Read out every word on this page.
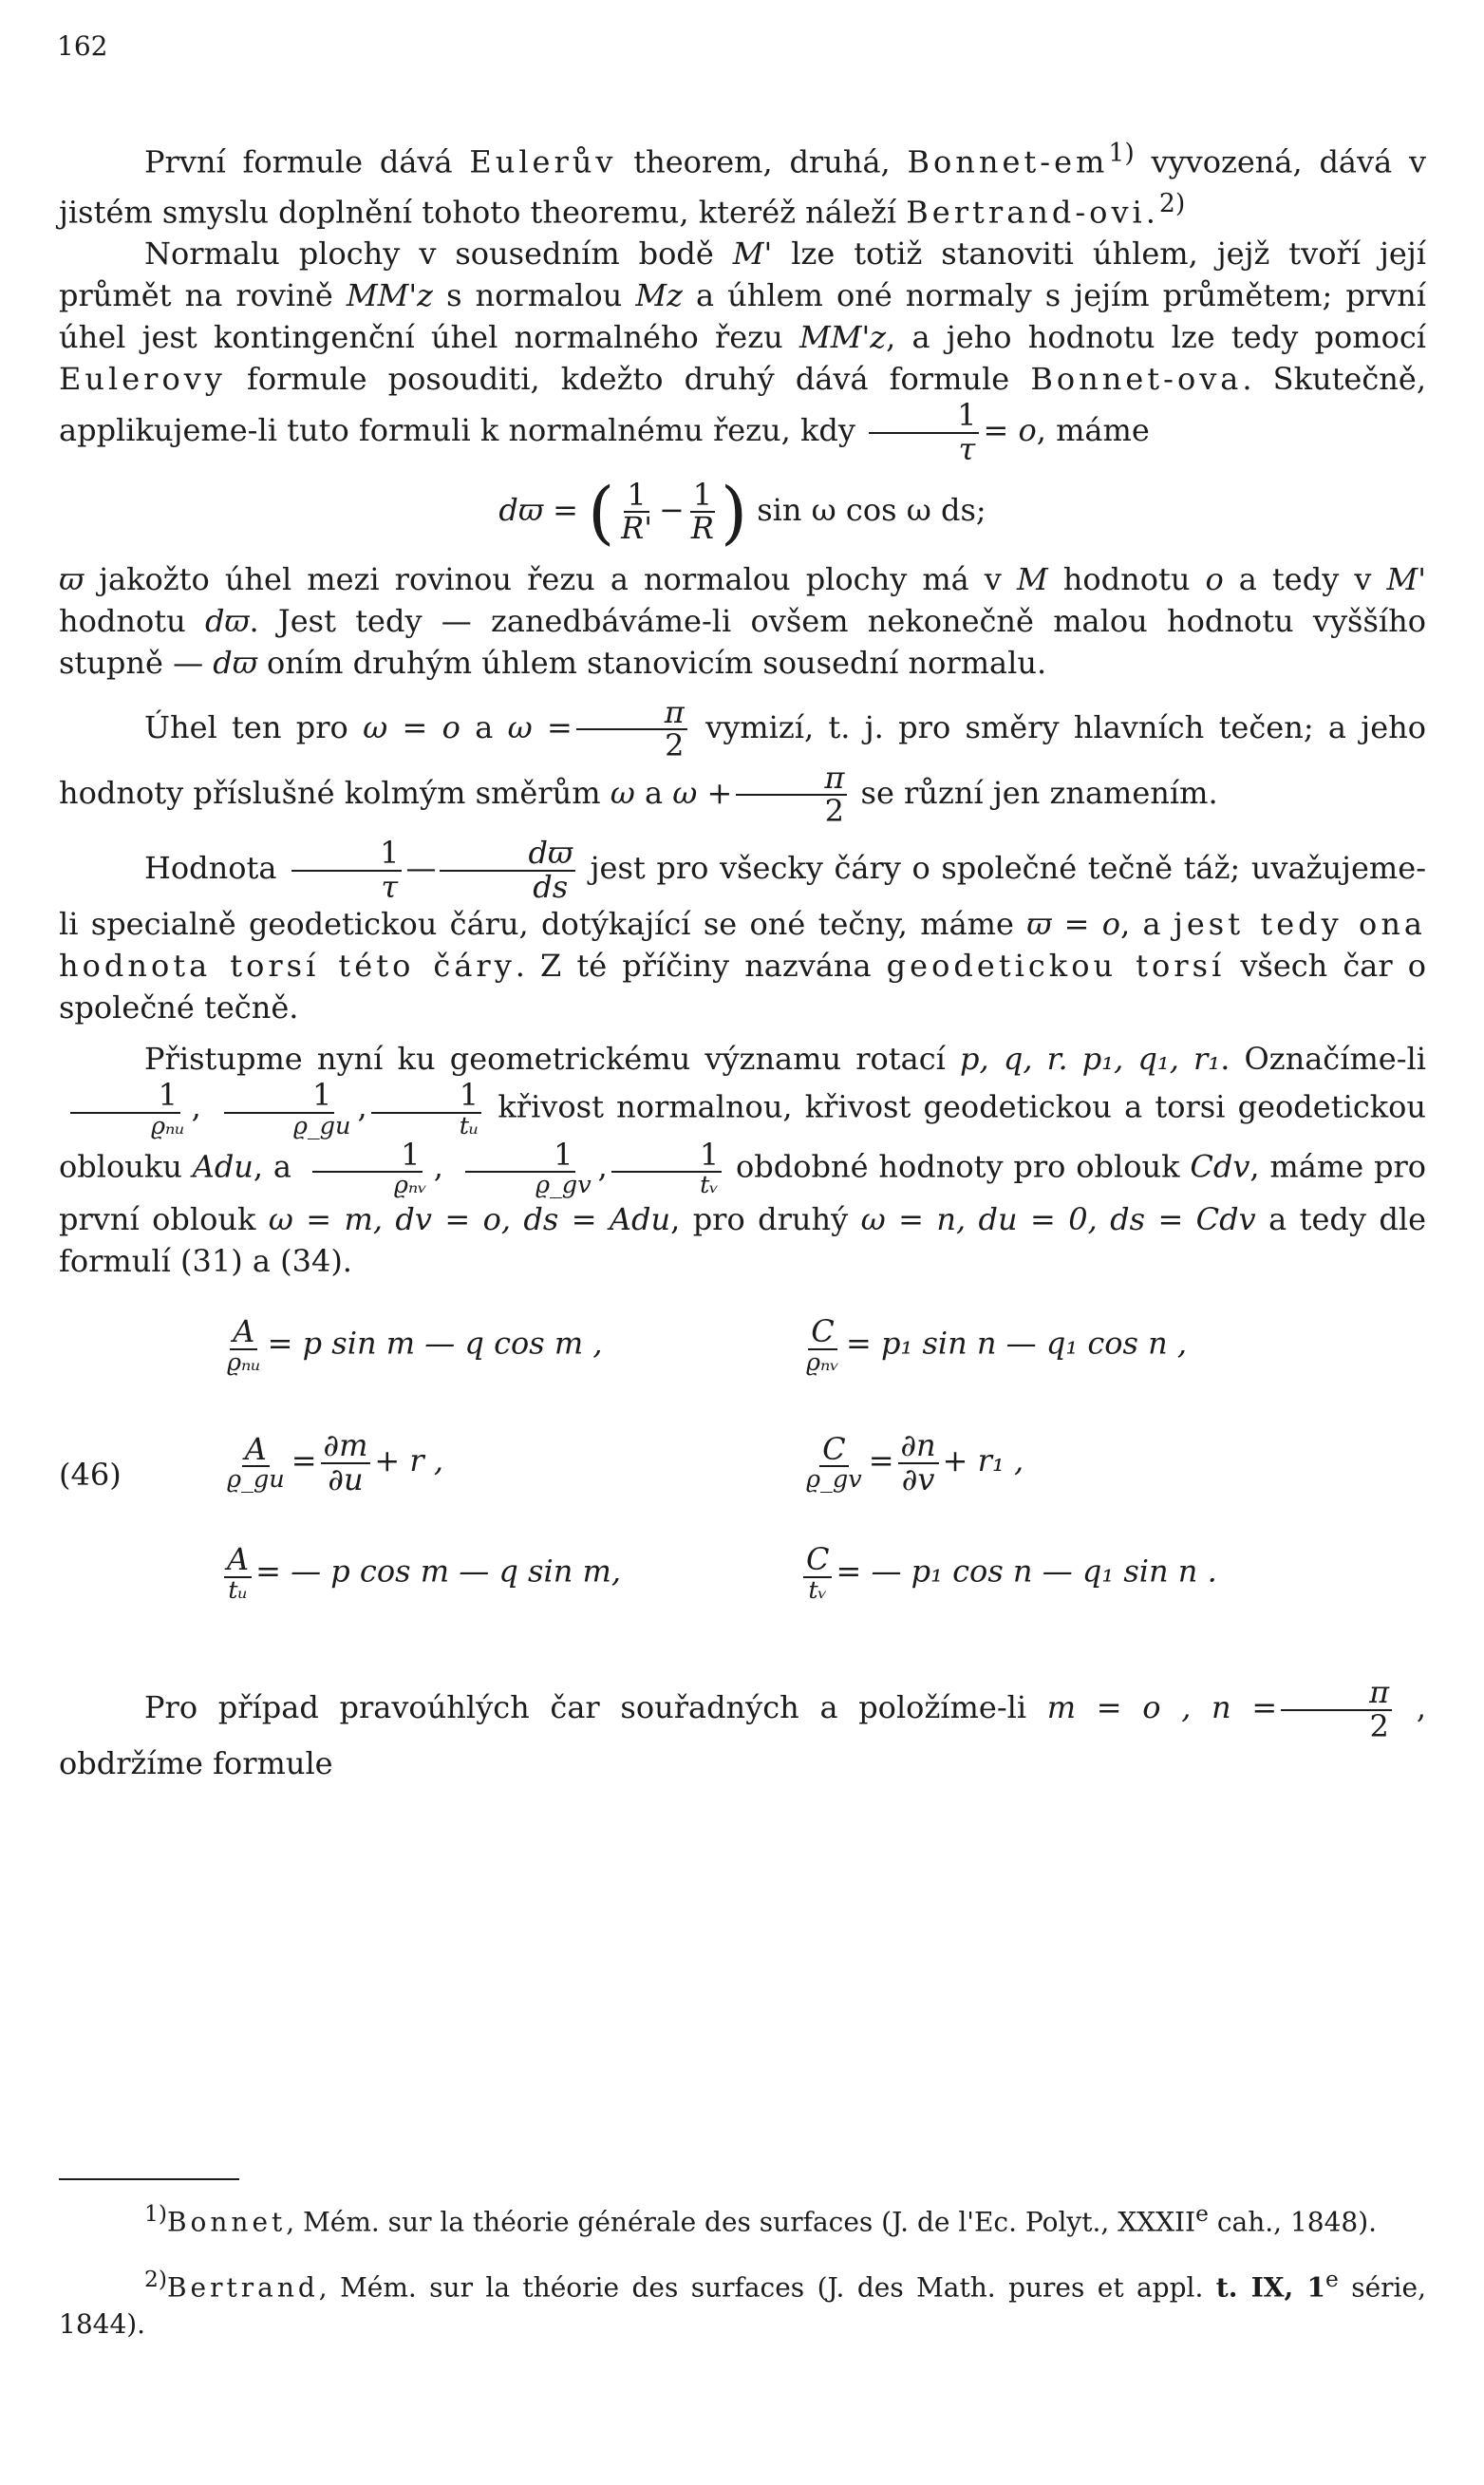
162

První formule dává Eulerův theorem, druhá, Bonnet-$em^{1)}$ vyvozená, dává v jistém smyslu doplnění tohoto theoremu, kteréž náleží Bertrand-ovi.$^{2)}$

Normalu plochy v sousedním bodě M' lze totiž stanoviti úhlem, jejž tvoří její průmět na rovině MM'z s normalou Mz a úhlem oné normaly s jejím průmětem; první úhel jest kontingenční úhel normalného řezu MM'z, a jeho hodnotu lze tedy pomocí Eulerovy formule posouditi, kdežto druhý dává formule Bonnet-ova. Skutečně, applikujeme-li tuto formuli k normalnému řezu, kdy $\frac{1}{\tau} = o$, máme

dϖ = ( $\frac{1}{R'} - \frac{1}{R}$ ) sin ω cos ω ds;

ϖ jakožto úhel mezi rovinou řezu a normalou plochy má v M hodnotu o a tedy v M' hodnotu dϖ. Jest tedy — zanedbáváme-li ovšem nekonečně malou hodnotu vyššího stupně — dϖ oním druhým úhlem stanovicím sousední normalu.

Úhel ten pro ω = o a $\omega = \frac{\pi}{2}$ vymizí, t. j. pro směry hlavních tečen; a jeho hodnoty příslušné kolmým směrům ω a $\omega + \frac{\pi}{2}$ se různí jen znamením.

Hodnota $\frac{1}{\tau}$ — $\frac{dϖ}{ds}$ jest pro všecky čáry o společné tečně táž; uvažujeme-li specialně geodetickou čáru, dotýkající se oné tečny, máme ϖ = o, a jest tedy ona hodnota torsí této čáry. Z té příčiny nazvána geodetickou torsí všech čar o společné tečně.

Přistupme nyní ku geometrickému významu rotací p, q, r. p₁, q₁, r₁. Označíme-li
$\frac{1}{\text{ϱₙᵤ}}$ , $\frac{1}{ϱ\_gu}$ , $\frac{1}{\text{tᵤ}}$ křivost normalnou, křivost geodetickou a torsi geodetickou oblouku Adu, a $\frac{1}{\text{ϱₙᵥ}}$ , $\frac{1}{ϱ\_gv}$ , $\frac{1}{\text{tᵥ}}$ obdobné hodnoty pro oblouk Cdv, máme pro první oblouk ω = m, dv = o, ds = Adu, pro druhý ω = n, du = 0, ds = Cdv a tedy dle formulí (31) a (34).

(46)
$\frac{A}{\text{ϱₙᵤ}} = p$ sin m — q cos m ,	$\frac{C}{\text{ϱₙᵥ}} = p_1$ sin n — q₁ cos n ,
$\frac{A}{ϱ\_gu} = \frac{\partial m}{\partial u} + r$ ,	$\frac{C}{ϱ\_gv} = \frac{\partial n}{\partial v} + r_1$ ,
$\frac{A}{\text{tᵤ}}$ = — p cos m — q sin m,	$\frac{C}{\text{tᵥ}}$ = — p₁ cos n — q₁ sin n .

Pro případ pravoúhlých čar souřadných a položíme-li m = o , $n = \frac{\pi}{2}$ , obdržíme formule

$^{1)}$Bonnet, Mém. sur la théorie générale des surfaces (J. de l'Ec. Polyt., XXXIIe cah., 1848).

$^{2)}$Bertrand, Mém. sur la théorie des surfaces (J. des Math. pures et appl. t. IX, 1e série, 1844).
